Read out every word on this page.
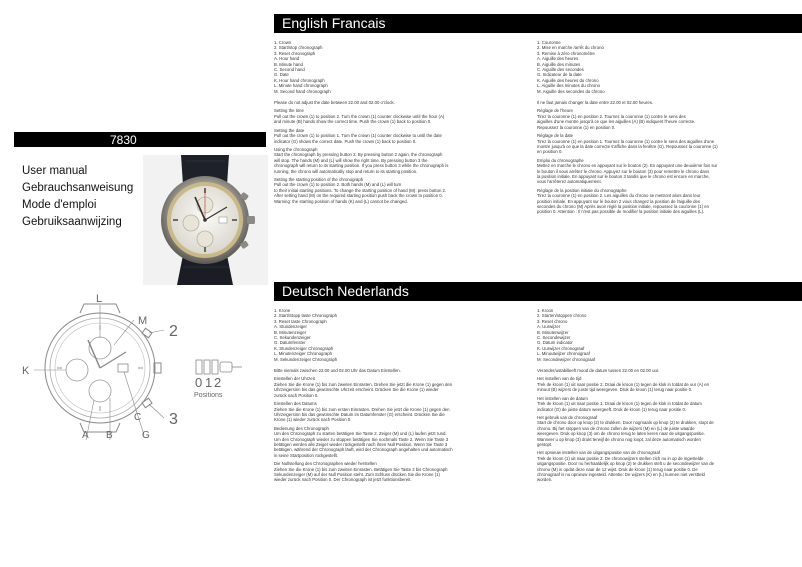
English Francais
Deutsch Nederlands

1. Crown
2. Start/stop chronograph
3. Reset chronograph
A. Hour hand
B. Minute hand
C. Second hand
G. Date
K. Hour hand chronograph
L. Minute hand chronograph
M. Second hand chronograph

Please do not adjust the date between 22.00 and 02.00 o'clock.

Setting the time
Pull out the crown (1) to position 2. Turn the crown (1) counter clockwise until the hour (A)
and minute (B) hands show the correct time. Push the crown (1) back to position 0.

Setting the date
Pull out the crown (1) to position 1. Turn the crown (1) counter clockwise to until the date
indicator (G) shows the correct date. Push the crown (1) back to position 0.

Using the chronograph
Start the chronograph by pressing button 2. By pressing button 2 again, the chronograph
will stop. The hands (M) and (L) will show the right time. By pressing button 3 the
chronograph will return to its starting position. If you press button 3 while the chronograph is
running, the chrono will automatically stop and return to its starting position.

Setting the starting position of the chronograph
Pull out the crown (1) to position 2. Both hands (M) and (L) will turn
to their initial starting positions. To change the starting position of hand (M): press button 2.
After setting hand (M) on the required starting position push back the crown to position 0.
Warning: the starting position of hands (K) and (L) cannot be changed.

1. Couronne
2. Mise en marche /arrêt du chrono
3. Remise à zéro chronomètre
A. Aiguille des heures
B. Aiguille des minutes
C. Aiguille des secondes
G. Indicateur de la date
K. Aiguille des heures du chrono
L. Aiguille des minutes du chrono
M. Aiguille des secondes du chrono

Il ne faut jamais changer la date entre 22.00 et 02.00 heures.

Réglage de l'heure
Tirez la couronne (1) en position 2. Tournez la couronne (1) contre le sens des
aiguilles d'une montre jusqu'à ce que les aiguilles (A) (B) indiquent l'heure correcte.
Repoussez la couronne (1) en position 0.

Réglage de la date
Tirez la couronne (1) en position 1. Tournez la couronne (1) contre le sens des aiguilles d'une
montre jusqu'à ce que la date correcte s'affiche dans la fenêtre (G). Repoussez la couronne (1)
en position 0.

Emploi du chronographe
Mettez en marche le chrono en appuyant sur le bouton (2). En appuyant une deuxième fois sur
le bouton il vous arrêtez le chrono. Appuyez sur le bouton (3) pour remettre le chrono dans
la position initiale. En appuyant sur le bouton 3 tandis que le chrono est encore en marche,
vous l'arrêterez automatiquement.

Réglage de la position initiale du chronographe
Tirez la couronne (1) en position 2. Les aiguilles du chrono se mettront alors dans leur
position initiale. En appuyant sur le bouton 2 vous changez la position de l'aiguille des
secondes du chrono (M) Après avoir réglé la position initiale, repoussez la couronne (1) en
position 0. Attention : Il n'est pas possible de modifier la position initiale des aiguilles (L).

1. Krone
2. Start/Stopp taste Chronograph
3. Reset taste Chronograph
A. Stundenzeiger
B. Minutenzeiger
C. Sekundenzeiger
G. Datumfenster
K. Stundenzeiger Chronograph
L. Minutenzeiger Chronograph
M. Sekundenzeiger Chronograph

Bitte niemals zwischen 22.00 und 02.00 Uhr das Datum Einstellen.

Einstellen der Uhrzeit
Ziehen Sie die Krone (1) bis zum zweiten Einrasten. Drehen Sie jetzt die Krone (1) gegen den
Uhrzeigersinn bis das gewünschte Uhrzeit erscheint. Drücken Sie die Krone (1) wieder
zurück nach Position 0.

Einstellen des Datums
Ziehen Sie die Krone (1) bis zum ersten Einrasten. Drehen Sie jetzt die Krone (1) gegen den
Uhrzeigersinn bis das gewünschte Datum im Datumfenster (G) erscheint. Drücken Sie die
Krone (1) wieder zurück nach Position 0.

Bedienung des Chronograph
Um den Chronograph zu starten betätigen Sie Taste 2. Zeiger (M) und (L) laufen jetzt rund.
Um den Chronograph wieder zu stoppen betätigen Sie nochmals Taste 2. Wenn Sie Taste 3
betätigen werden alle Zeiger wieder rückgestellt nach ihren Null Position. Wenn Sie Taste 3
betätigen, während der Chronograph läuft, wird der Chronograph angehalten und automatisch
in seine Startposition rückgestellt.

Die Nullstellung des Chronographen wieder herstellen
Ziehen Sie die Krone (1) bis zum zweiten Einrasten. Betätigen Sie Taste 2 bis Chronograph
Sekundenzeiger (M) auf der Null Position steht. Zum Schluss drücken Sie die Krone (1)
wieder zurück nach Position 0. Der Chronograph ist jetzt funktionsbereit.

1. Kroon
2. Starten/stoppen chrono
3. Reset chrono
A. Uurwijzer
B. Minutenwijzer
C. Secondewijzer
G. Datum indicator
K. Uurwijzer chronograaf
L. Minuutwijzer chronograaf
M. Secondewijzer chronograaf

Verander/ustabilleeft mood de datum tussen 22.00 en 02.00 uur.

Het instellen van de tijd
Trek de kroon (1) uit naar positie 2. Draai de kroon (1) tegen de klok in totdat de uur (A) en
minuut (B) wijzers de juiste tijd weergeven. Druk de kroon (1) terug naar positie 0.

Het instellen van de datum
Trek de kroon (1) uit naar positie 1. Draai de kroon (1) tegen de klok in totdat de datum
indicator (G) de juiste datum weergeeft. Druk de kroon (1) terug naar positie 0.

Het gebruik van de chronograaf
Start de chrono door op knop (2) te drukken. Door nogmaals op knop (2) te drukken, stopt de
chrono. Bij het stoppen van de chrono zullen de wijzers (M) en (L) de juiste waarde
weergeven. Druk op knop (3) om de chrono terug te laten keren naar de uitgangspositie.
Wanneer u op knop (3) drukt terwijl de chrono nog loopt, zal deze automatisch worden
gestopt.

Het opnieuw instellen van de uitgangspositie van de chronograaf
Trek de kroon (1) uit naar positie 2. De chronowijzers stellen zich nu in op de ingestelde
uitgangspositie. Door nu herhaaldelijk op knop (2) te drukken stelt u de secondewijzer van de
chrono (M) in opdat deze naar de 12 wijst. Druk de kroon (1) terug naar positie 0. De
chronograaf is nu opnieuw ingesteld. Attentie: De wijzers (K) en (L) kunnen niet verstteld
worden.

7830
User manual
Gebrauchsanweisung
Mode d'emploi
Gebruiksaanwijzing
L
M
K
2
3
A B
C
G
0 1 2
Positions
